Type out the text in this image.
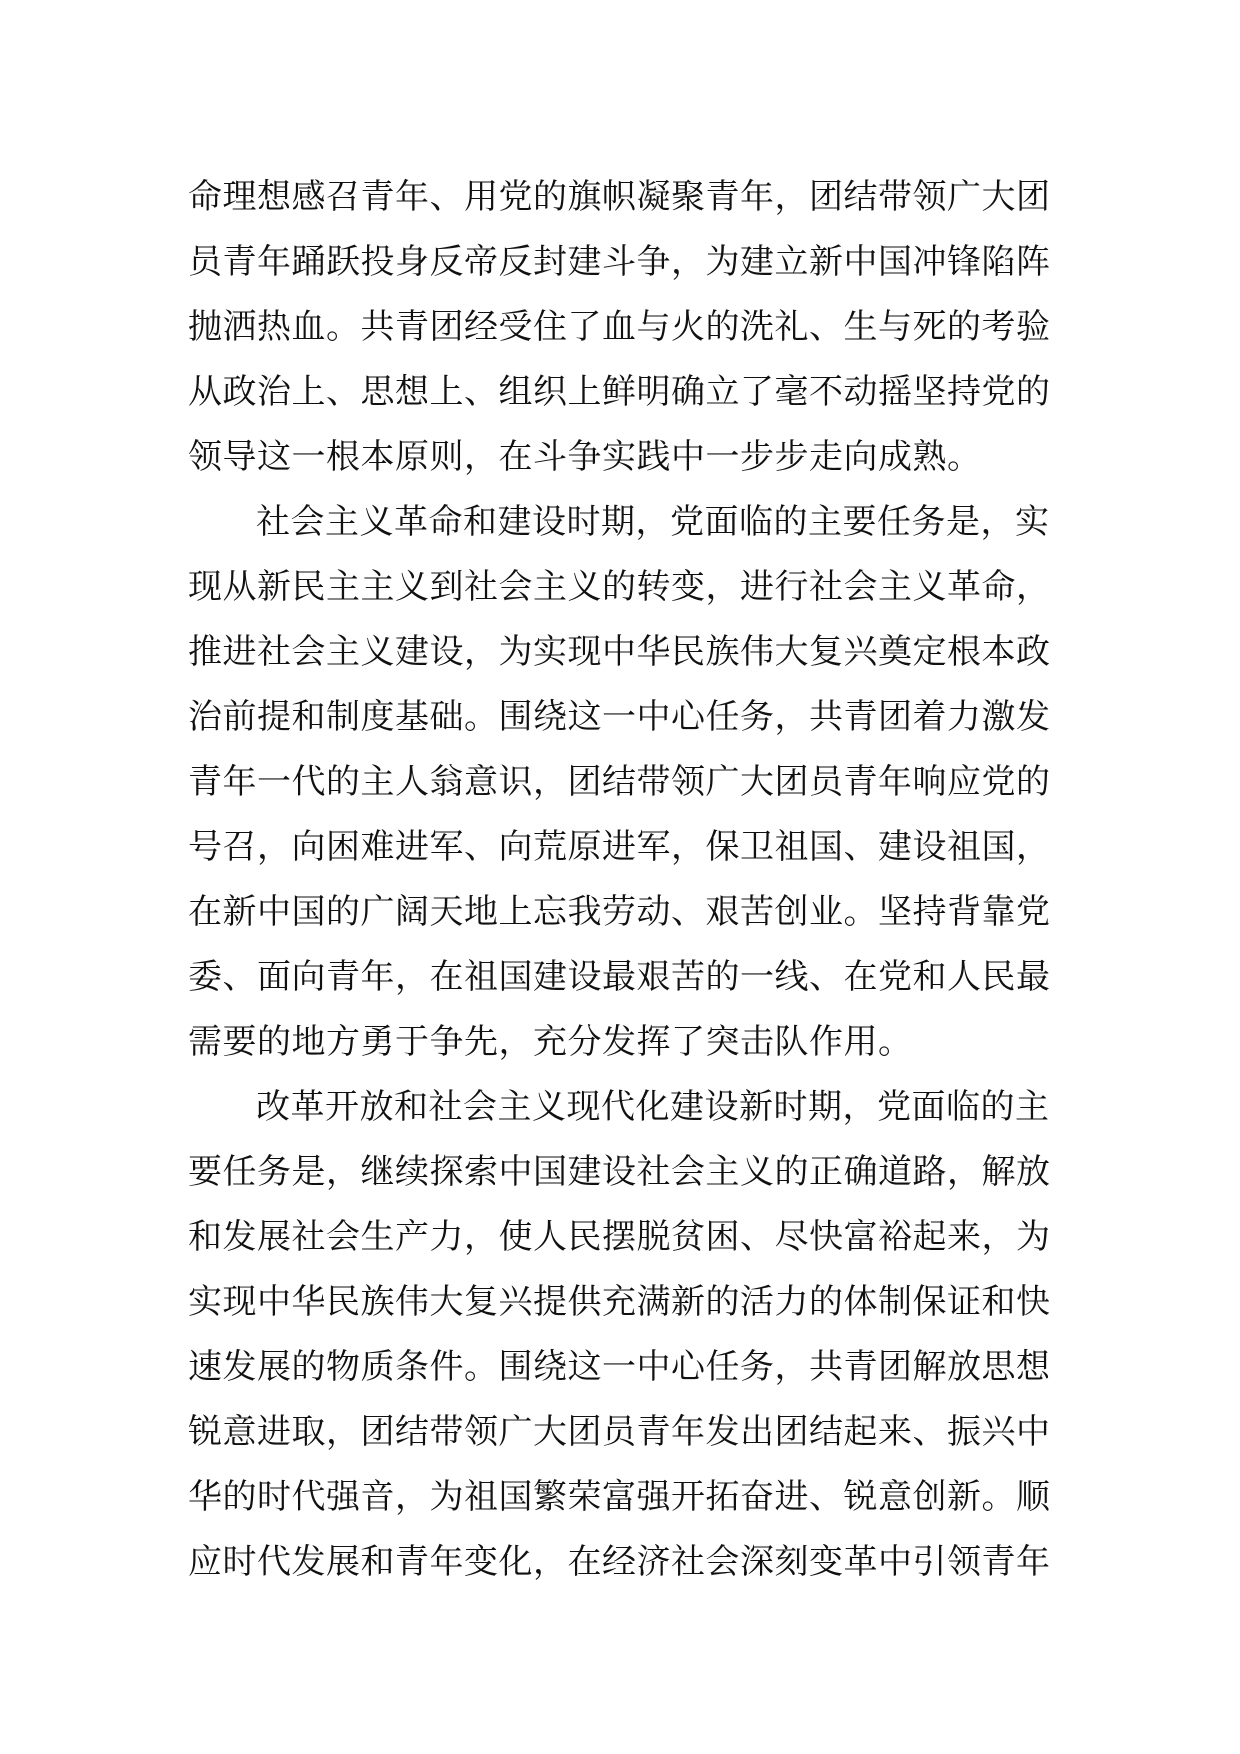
命理想感召青年、用党的旗帜凝聚青年，团结带领广大团
员青年踊跃投身反帝反封建斗争，为建立新中国冲锋陷阵
抛洒热血。共青团经受住了血与火的洗礼、生与死的考验
从政治上、思想上、组织上鲜明确立了毫不动摇坚持党的
领导这一根本原则，在斗争实践中一步步走向成熟。
社会主义革命和建设时期，党面临的主要任务是，实
现从新民主主义到社会主义的转变，进行社会主义革命，
推进社会主义建设，为实现中华民族伟大复兴奠定根本政
治前提和制度基础。围绕这一中心任务，共青团着力激发
青年一代的主人翁意识，团结带领广大团员青年响应党的
号召，向困难进军、向荒原进军，保卫祖国、建设祖国，
在新中国的广阔天地上忘我劳动、艰苦创业。坚持背靠党
委、面向青年，在祖国建设最艰苦的一线、在党和人民最
需要的地方勇于争先，充分发挥了突击队作用。
改革开放和社会主义现代化建设新时期，党面临的主
要任务是，继续探索中国建设社会主义的正确道路，解放
和发展社会生产力，使人民摆脱贫困、尽快富裕起来，为
实现中华民族伟大复兴提供充满新的活力的体制保证和快
速发展的物质条件。围绕这一中心任务，共青团解放思想
锐意进取，团结带领广大团员青年发出团结起来、振兴中
华的时代强音，为祖国繁荣富强开拓奋进、锐意创新。顺
应时代发展和青年变化，在经济社会深刻变革中引领青年
